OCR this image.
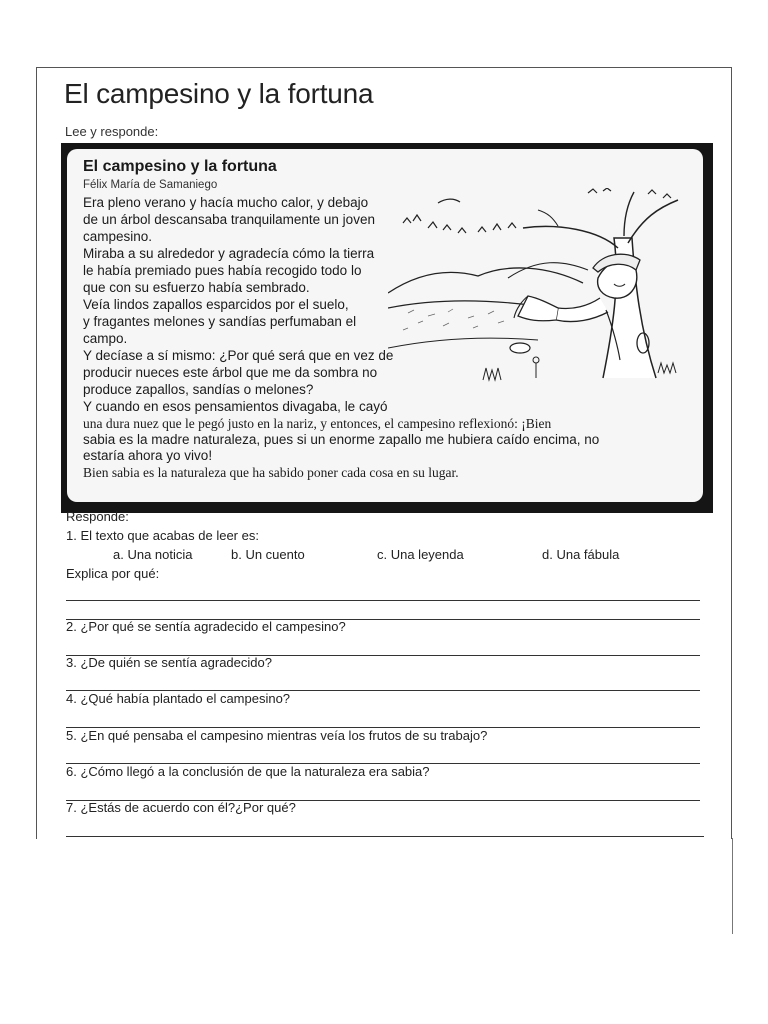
El campesino y la fortuna
Lee y responde:
El campesino y la fortuna
Félix María de Samaniego
Era pleno verano y hacía mucho calor, y debajo
de un árbol descansaba tranquilamente un joven
campesino.
Miraba a su alrededor y agradecía cómo la tierra
le había premiado pues había recogido todo lo
que con su esfuerzo había sembrado.
Veía lindos zapallos esparcidos por el suelo,
y fragantes melones y sandías perfumaban el
campo.
Y decíase a sí mismo: ¿Por qué será que en vez de
producir nueces este árbol que me da sombra no
produce zapallos, sandías o melones?
Y cuando en esos pensamientos divagaba, le cayó
una dura nuez que le pegó justo en la nariz, y entonces, el campesino reflexionó: ¡Bien
sabia es la madre naturaleza, pues si un enorme zapallo me hubiera caído encima, no
estaría ahora yo vivo!
Bien sabia es la naturaleza que ha sabido poner cada cosa en su lugar.
Responde:
1. El texto que acabas de leer es:
a. Una noticia	b. Un cuento	c. Una leyenda	d. Una fábula
Explica por qué:
2. ¿Por qué se sentía agradecido el campesino?
3. ¿De quién se sentía agradecido?
4. ¿Qué había plantado el campesino?
5. ¿En qué pensaba el campesino mientras veía los frutos de su trabajo?
6. ¿Cómo llegó a la conclusión de que la naturaleza era sabia?
7. ¿Estás de acuerdo con él?¿Por qué?
